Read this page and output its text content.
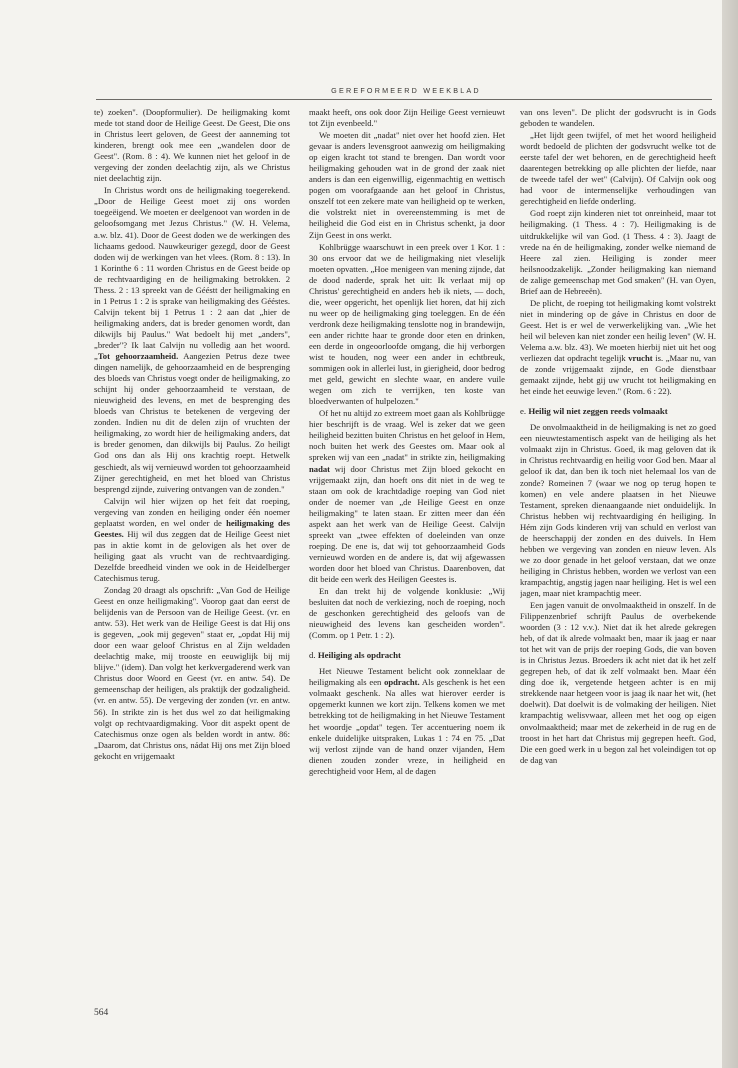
GEREFORMEERD WEEKBLAD

te) zoeken". (Doopformulier). De heiligmaking komt mede tot stand door de Heilige Geest. De Geest, Die ons in Christus leert geloven, de Geest der aanneming tot kinderen, brengt ook mee een „wandelen door de Geest". (Rom. 8 : 4). We kunnen niet het geloof in de vergeving der zonden deelachtig zijn, als we Christus niet deelachtig zijn.

In Christus wordt ons de heiligmaking toegerekend. „Door de Heilige Geest moet zij ons worden toegeëigend. We moeten er deelgenoot van worden in de geloofsomgang met Jezus Christus." (W. H. Velema, a.w. blz. 41). Door de Geest doden we de werkingen des lichaams gedood. Nauwkeuriger gezegd, door de Geest doden wij de werkingen van het vlees. (Rom. 8 : 13). In 1 Korinthe 6 : 11 worden Christus en de Geest beide op de rechtvaardiging en de heiligmaking betrokken. 2 Thess. 2 : 13 spreekt van de Gééstt der heiligmaking en in 1 Petrus 1 : 2 is sprake van heiligmaking des Gééstes. Calvijn tekent bij 1 Petrus 1 : 2 aan dat „hier de heiligmaking anders, dat is breder genomen wordt, dan dikwijls bij Paulus." Wat bedoelt hij met „anders", „breder"? Ik laat Calvijn nu volledig aan het woord. „Tot gehoorzaamheid. Aangezien Petrus deze twee dingen namelijk, de gehoorzaamheid en de besprenging des bloeds van Christus voegt onder de heiligmaking, zo schijnt hij onder gehoorzaamheid te verstaan, de nieuwigheid des levens, en met de besprenging des bloeds van Christus te betekenen de vergeving der zonden. Indien nu dit de delen zijn of vruchten der heiligmaking, zo wordt hier de heiligmaking anders, dat is breder genomen, dan dikwijls bij Paulus. Zo heiligt God ons dan als Hij ons krachtig roept. Hetwelk geschiedt, als wij vernieuwd worden tot gehoorzaamheid Zijner gerechtigheid, en met het bloed van Christus besprengd zijnde, zuivering ontvangen van de zonden."

Calvijn wil hier wijzen op het feit dat roeping, vergeving van zonden en heiliging onder één noemer geplaatst worden, en wel onder de heiligmaking des Geestes. Hij wil dus zeggen dat de Heilige Geest niet pas in aktie komt in de gelovigen als het over de heiliging gaat als vrucht van de rechtvaardiging. Dezelfde breedheid vinden we ook in de Heidelberger Catechismus terug.

Zondag 20 draagt als opschrift: „Van God de Heilige Geest en onze heiligmaking". Voorop gaat dan eerst de belijdenis van de Persoon van de Heilige Geest. (vr. en antw. 53). Het werk van de Heilige Geest is dat Hij ons is gegeven, „ook mij gegeven" staat er, „opdat Hij mij door een waar geloof Christus en al Zijn weldaden deelachtig make, mij trooste en eeuwiglijk bij mij blijve." (idem). Dan volgt het kerkvergaderend werk van Christus door Woord en Geest (vr. en antw. 54). De gemeenschap der heiligen, als praktijk der godzaligheid. (vr. en antw. 55). De vergeving der zonden (vr. en antw. 56). In strikte zin is het dus wel zo dat heiligmaking volgt op rechtvaardigmaking. Voor dit aspekt opent de Catechismus onze ogen als belden wordt in antw. 86: „Daarom, dat Christus ons, nádat Hij ons met Zijn bloed gekocht en vrijgemaakt

maakt heeft, ons ook door Zijn Heilige Geest vernieuwt tot Zijn evenbeeld."

We moeten dit „nadat" niet over het hoofd zien. Het gevaar is anders levensgroot aanwezig om heiligmaking op eigen kracht tot stand te brengen. Dan wordt voor heiligmaking gehouden wat in de grond der zaak niet anders is dan een eigenwillig, eigenmachtig en wettisch pogen om voorafgaande aan het geloof in Christus, onszelf tot een zekere mate van heiligheid op te werken, die volstrekt niet in overeenstemming is met de heiligheid die God eist en in Christus schenkt, ja door Zijn Geest in ons werkt.

Kohlbrügge waarschuwt in een preek over 1 Kor. 1 : 30 ons ervoor dat we de heiligmaking niet vleselijk moeten opvatten. „Hoe menigeen van mening zijnde, dat de dood naderde, sprak het uit: Ik verlaat mij op Christus' gerechtigheid en anders heb ik niets, — doch, die, weer opgericht, het openlijk liet horen, dat hij zich nu weer op de heiligmaking ging toeleggen. En de één verdronk deze heiligmaking tenslotte nog in brandewijn, een ander richtte haar te gronde door eten en drinken, een derde in ongeoorloofde omgang, die hij verborgen wist te houden, nog weer een ander in echtbreuk, sommigen ook in allerlei lust, in gierigheid, door bedrog met geld, gewicht en slechte waar, en andere vuile wegen om zich te verrijken, ten koste van bloedverwanten of hulpelozen."

Of het nu altijd zo extreem moet gaan als Kohlbrügge hier beschrijft is de vraag. Wel is zeker dat we geen heiligheid bezitten buiten Christus en het geloof in Hem, noch buiten het werk des Geestes om. Maar ook al spreken wij van een „nadat" in strikte zin, heiligmaking nadat wij door Christus met Zijn bloed gekocht en vrijgemaakt zijn, dan hoeft ons dit niet in de weg te staan om ook de krachtdadige roeping van God niet onder de noemer van „de Heilige Geest en onze heiligmaking" te laten staan. Er zitten meer dan één aspekt aan het werk van de Heilige Geest. Calvijn spreekt van „twee effekten of doeleinden van onze roeping. De ene is, dat wij tot gehoorzaamheid Gods vernieuwd worden en de andere is, dat wij afgewassen worden door het bloed van Christus. Daarenboven, dat dit beide een werk des Heiligen Geestes is.

En dan trekt hij de volgende konklusie: „Wij besluiten dat noch de verkiezing, noch de roeping, noch de geschonken gerechtigheid des geloofs van de nieuwigheid des levens kan gescheiden worden". (Comm. op 1 Petr. 1 : 2).

d. Heiliging als opdracht

Het Nieuwe Testament belicht ook zonneklaar de heiligmaking als een opdracht. Als geschenk is het een volmaakt geschenk. Na alles wat hierover eerder is opgemerkt kunnen we kort zijn. Telkens komen we met betrekking tot de heiligmaking in het Nieuwe Testament het woordje „opdat" tegen. Ter accentuering noem ik enkele duidelijke uitspraken, Lukas 1 : 74 en 75. „Dat wij verlost zijnde van de hand onzer vijanden, Hem dienen zouden zonder vreze, in heiligheid en gerechtigheid voor Hem, al de dagen

van ons leven". De plicht der godsvrucht is in Gods geboden te wandelen.

„Het lijdt geen twijfel, of met het woord heiligheid wordt bedoeld de plichten der godsvrucht welke tot de eerste tafel der wet behoren, en de gerechtigheid heeft daarentegen betrekking op alle plichten der liefde, naar de tweede tafel der wet" (Calvijn). Of Calvijn ook oog had voor de intermenselijke verhoudingen van gerechtigheid en liefde onderling.

God roept zijn kinderen niet tot onreinheid, maar tot heiligmaking. (1 Thess. 4 : 7). Heiligmaking is de uitdrukkelijke wil van God. (1 Thess. 4 : 3). Jaagt de vrede na én de heiligmaking, zonder welke niemand de Heere zal zien. Heiliging is zonder meer heilsnoodzakelijk. „Zonder heiligmaking kan niemand de zalige gemeenschap met God smaken" (H. van Oyen, Brief aan de Hebreeën).

De plicht, de roeping tot heiligmaking komt volstrekt niet in mindering op de gáve in Christus en door de Geest. Het is er wel de verwerkelijking van. „Wie het heil wil beleven kan niet zonder een heilig leven" (W. H. Velema a.w. blz. 43). We moeten hierbij niet uit het oog verliezen dat opdracht tegelijk vrucht is. „Maar nu, van de zonde vrijgemaakt zijnde, en Gode dienstbaar gemaakt zijnde, hebt gij uw vrucht tot heiligmaking en het einde het eeuwige leven." (Rom. 6 : 22).

e. Heilig wil niet zeggen reeds volmaakt

De onvolmaaktheid in de heiligmaking is net zo goed een nieuwtestamentisch aspekt van de heiliging als het volmaakt zijn in Christus. Goed, ik mag geloven dat ik in Christus rechtvaardig en heilig voor God ben. Maar al geloof ik dat, dan ben ik toch niet helemaal los van de zonde? Romeinen 7 (waar we nog op terug hopen te komen) en vele andere plaatsen in het Nieuwe Testament, spreken dienaangaande niet onduidelijk. In Christus hebben wij rechtvaardiging én heiliging. In Hém zijn Gods kinderen vrij van schuld en verlost van de heerschappij der zonden en des duivels. In Hem hebben we vergeving van zonden en nieuw leven. Als we zo door genade in het geloof verstaan, dat we onze heiliging in Christus hebben, worden we verlost van een krampachtig, angstig jagen naar heiliging. Het is wel een jagen, maar niet krampachtig meer.

Een jagen vanuit de onvolmaaktheid in onszelf. In de Filippenzenbrief schrijft Paulus de overbekende woorden (3 : 12 v.v.). Niet dat ik het alrede gekregen heb, of dat ik alrede volmaakt ben, maar ik jaag er naar tot het wit van de prijs der roeping Gods, die van boven is in Christus Jezus. Broeders ik acht niet dat ik het zelf gegrepen heb, of dat ik zelf volmaakt ben. Maar één ding doe ik, vergetende hetgeen achter is en mij strekkende naar hetgeen voor is jaag ik naar het wit, (het doelwit). Dat doelwit is de volmaking der heiligen. Niet krampachtig welisvwaar, alleen met het oog op eigen onvolmaaktheid; maar met de zekerheid in de rug en de troost in het hart dat Christus mij gegrepen heeft. God, Die een goed werk in u begon zal het voleindigen tot op de dag van

564
